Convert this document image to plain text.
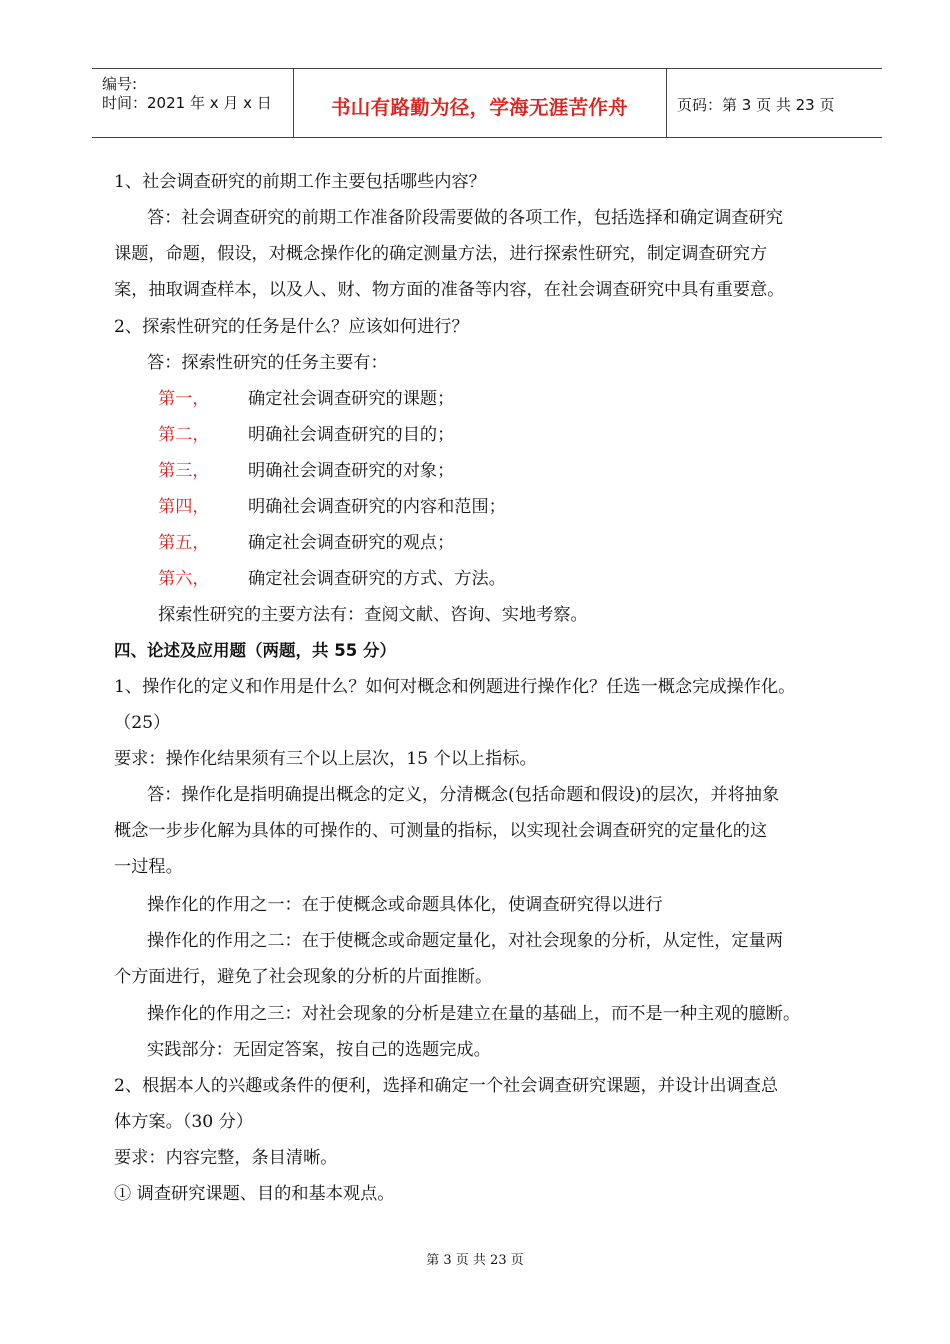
编号:
时间：2021 年 x 月 x 日	书山有路勤为径，学海无涯苦作舟	页码：第 3 页 共 23 页
1、社会调查研究的前期工作主要包括哪些内容？
答：社会调查研究的前期工作准备阶段需要做的各项工作，包括选择和确定调查研究
课题，命题，假设，对概念操作化的确定测量方法，进行探索性研究，制定调查研究方
案，抽取调查样本，以及人、财、物方面的准备等内容，在社会调查研究中具有重要意。
2、探索性研究的任务是什么？应该如何进行？
答：探索性研究的任务主要有：
第一， 确定社会调查研究的课题；
第二， 明确社会调查研究的目的；
第三， 明确社会调查研究的对象；
第四， 明确社会调查研究的内容和范围；
第五， 确定社会调查研究的观点；
第六， 确定社会调查研究的方式、方法。
探索性研究的主要方法有：查阅文献、咨询、实地考察。
四、论述及应用题（两题，共 55 分）
1、操作化的定义和作用是什么？如何对概念和例题进行操作化？任选一概念完成操作化。
（25）
要求：操作化结果须有三个以上层次，15 个以上指标。
答：操作化是指明确提出概念的定义，分清概念(包括命题和假设)的层次，并将抽象
概念一步步化解为具体的可操作的、可测量的指标，以实现社会调查研究的定量化的这
一过程。
操作化的作用之一：在于使概念或命题具体化，使调查研究得以进行
操作化的作用之二：在于使概念或命题定量化，对社会现象的分析，从定性，定量两
个方面进行，避免了社会现象的分析的片面推断。
操作化的作用之三：对社会现象的分析是建立在量的基础上，而不是一种主观的臆断。
实践部分：无固定答案，按自己的选题完成。
2、根据本人的兴趣或条件的便利，选择和确定一个社会调查研究课题，并设计出调查总
体方案。（30 分）
要求：内容完整，条目清晰。
① 调查研究课题、目的和基本观点。
第 3 页 共 23 页
